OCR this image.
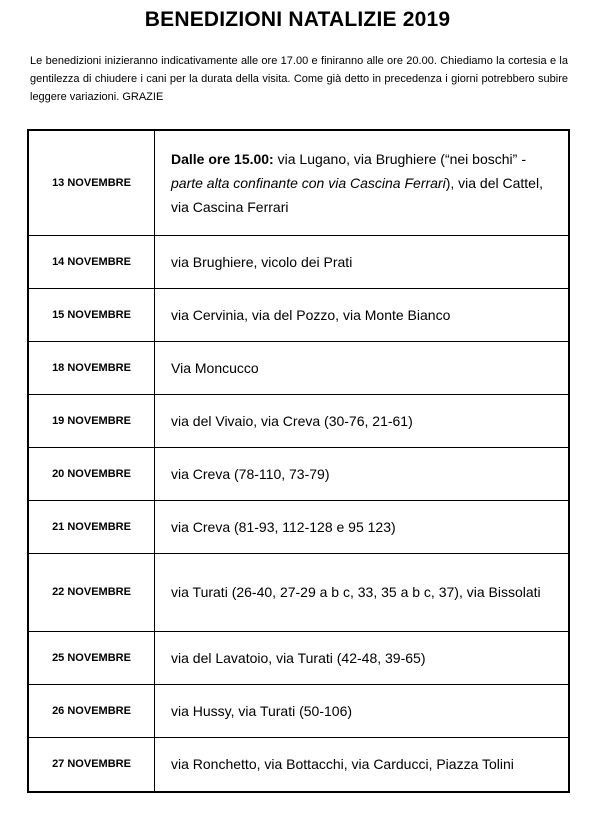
BENEDIZIONI NATALIZIE 2019

Le benedizioni inizieranno indicativamente alle ore 17.00 e finiranno alle ore 20.00. Chiediamo la cortesia e la gentilezza di chiudere i cani per la durata della visita. Come già detto in precedenza i giorni potrebbero subire leggere variazioni. GRAZIE

13 NOVEMBRE	Dalle ore 15.00: via Lugano, via Brughiere (“nei boschi” - parte alta confinante con via Cascina Ferrari), via del Cattel, via Cascina Ferrari
14 NOVEMBRE	via Brughiere, vicolo dei Prati
15 NOVEMBRE	via Cervinia, via del Pozzo, via Monte Bianco
18 NOVEMBRE	Via Moncucco
19 NOVEMBRE	via del Vivaio, via Creva (30-76, 21-61)
20 NOVEMBRE	via Creva (78-110, 73-79)
21 NOVEMBRE	via Creva (81-93, 112-128 e 95 123)
22 NOVEMBRE	via Turati (26-40, 27-29 a b c, 33, 35 a b c, 37), via Bissolati
25 NOVEMBRE	via del Lavatoio, via Turati (42-48, 39-65)
26 NOVEMBRE	via Hussy, via Turati (50-106)
27 NOVEMBRE	via Ronchetto, via Bottacchi, via Carducci, Piazza Tolini
